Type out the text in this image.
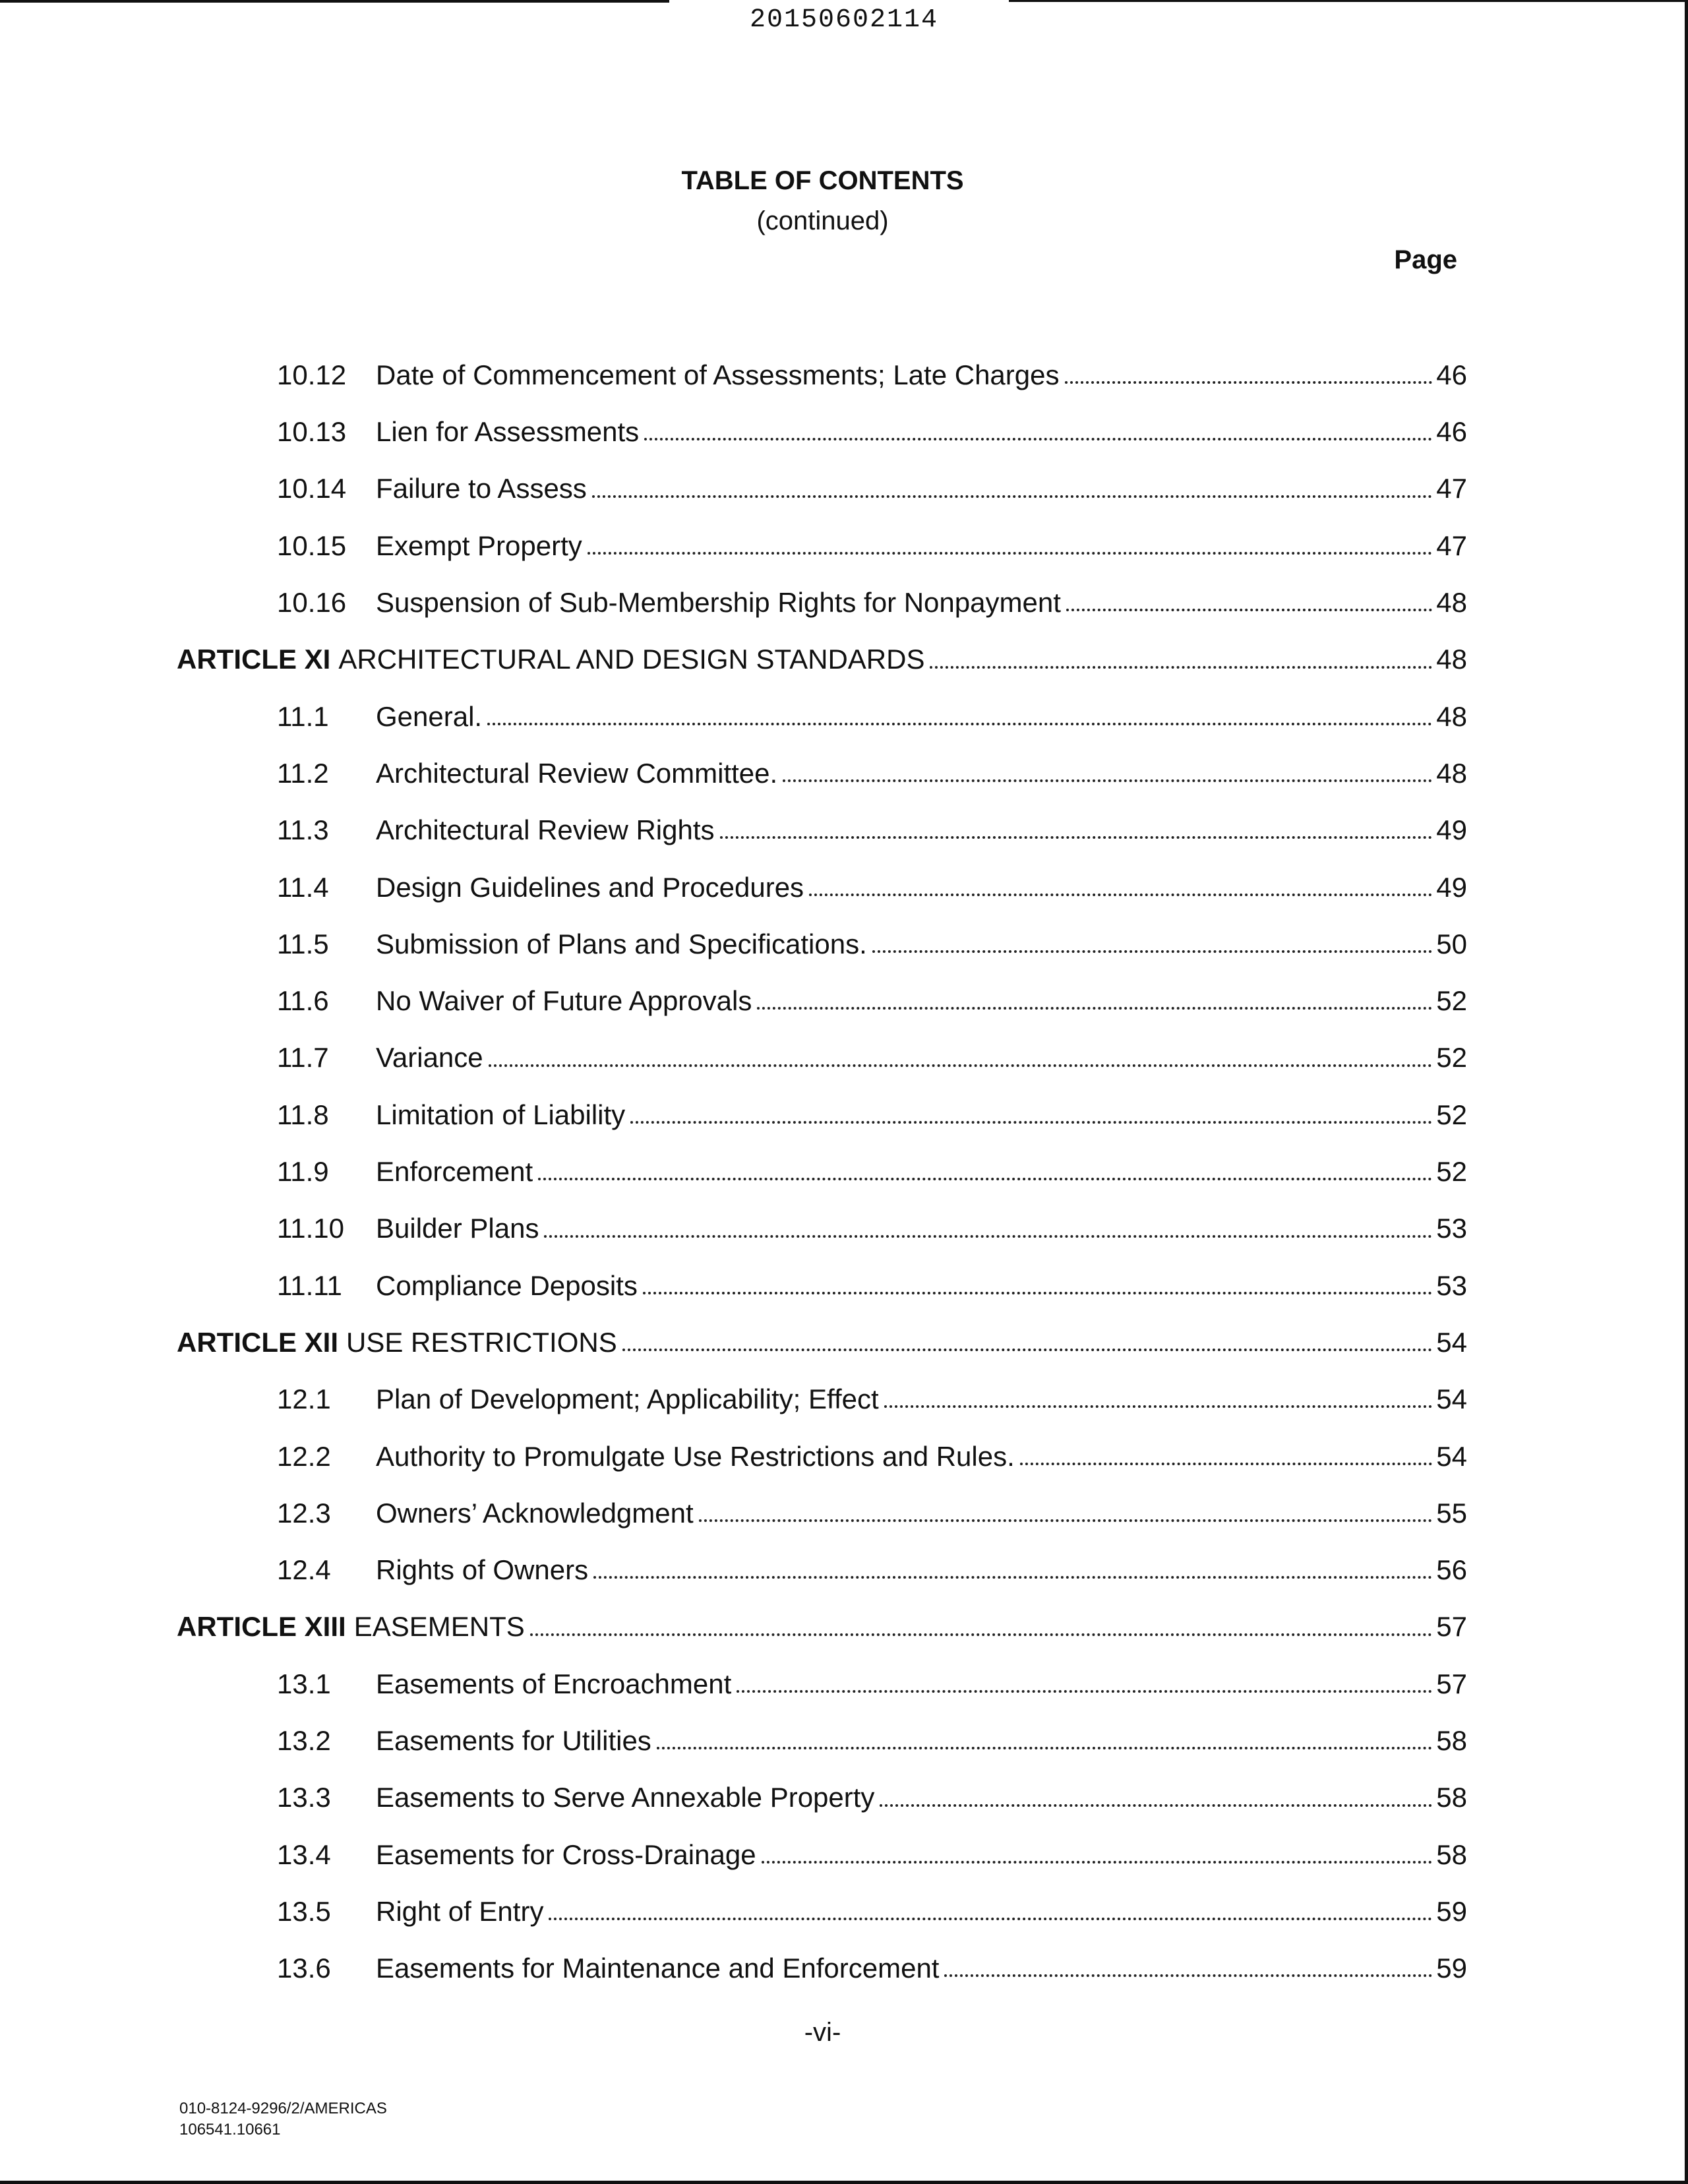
20150602114
TABLE OF CONTENTS
(continued)
Page
10.12	Date of Commencement of Assessments; Late Charges	46
10.13	Lien for Assessments	46
10.14	Failure to Assess	47
10.15	Exempt Property	47
10.16	Suspension of Sub-Membership Rights for Nonpayment	48
ARTICLE XI ARCHITECTURAL AND DESIGN STANDARDS	48
11.1	General.	48
11.2	Architectural Review Committee.	48
11.3	Architectural Review Rights	49
11.4	Design Guidelines and Procedures	49
11.5	Submission of Plans and Specifications.	50
11.6	No Waiver of Future Approvals	52
11.7	Variance	52
11.8	Limitation of Liability	52
11.9	Enforcement	52
11.10	Builder Plans	53
11.11	Compliance Deposits	53
ARTICLE XII USE RESTRICTIONS	54
12.1	Plan of Development; Applicability; Effect	54
12.2	Authority to Promulgate Use Restrictions and Rules.	54
12.3	Owners’ Acknowledgment	55
12.4	Rights of Owners	56
ARTICLE XIII EASEMENTS	57
13.1	Easements of Encroachment	57
13.2	Easements for Utilities	58
13.3	Easements to Serve Annexable Property	58
13.4	Easements for Cross-Drainage	58
13.5	Right of Entry	59
13.6	Easements for Maintenance and Enforcement	59
-vi-
010-8124-9296/2/AMERICAS
106541.10661
